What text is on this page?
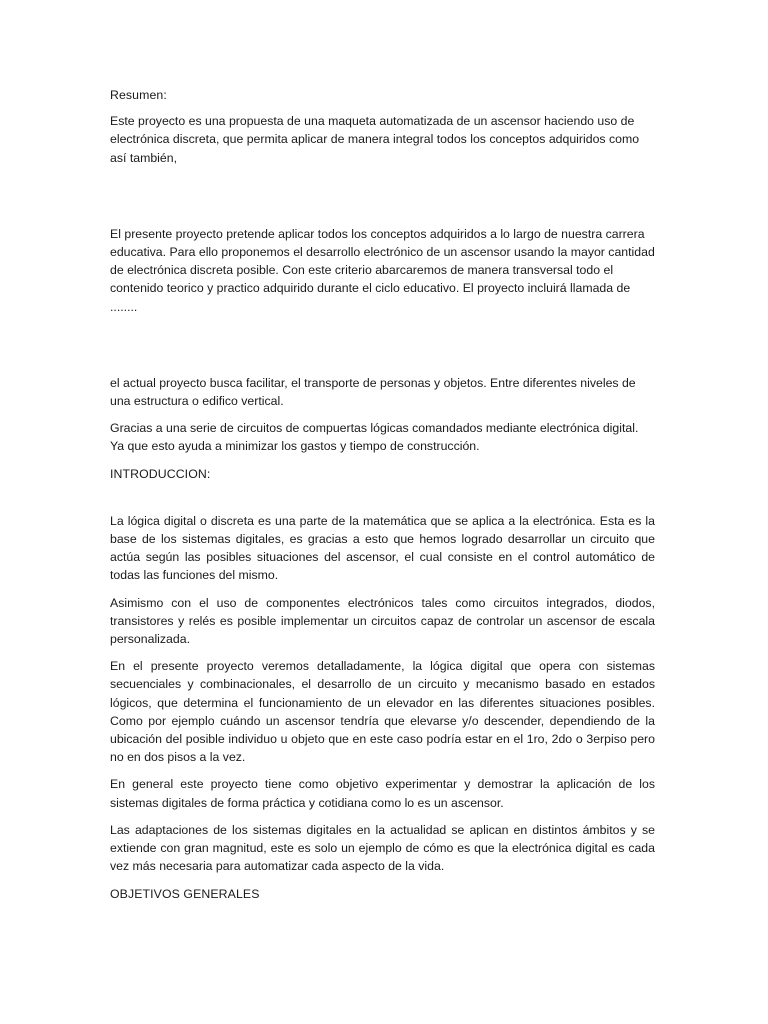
Resumen:

Este proyecto es una propuesta de una maqueta automatizada de un ascensor haciendo uso de electrónica discreta, que permita aplicar de manera integral todos los conceptos adquiridos como así también,

El presente proyecto pretende aplicar todos los conceptos adquiridos a lo largo de nuestra carrera educativa. Para ello proponemos el desarrollo electrónico de un ascensor usando la mayor cantidad de electrónica discreta posible. Con este criterio abarcaremos de manera transversal todo el contenido teorico y practico adquirido durante el ciclo educativo. El proyecto incluirá llamada de ........

el actual proyecto busca facilitar, el transporte de personas y objetos. Entre diferentes niveles de una estructura o edifico vertical.

Gracias a una serie de circuitos de compuertas lógicas comandados mediante electrónica digital. Ya que esto ayuda a minimizar los gastos y tiempo de construcción.

INTRODUCCION:

La lógica digital o discreta es una parte de la matemática que se aplica a la electrónica. Esta es la base de los sistemas digitales, es gracias a esto que hemos logrado desarrollar un circuito que actúa según las posibles situaciones del ascensor, el cual consiste en el control automático de todas las funciones del mismo.

Asimismo con el uso de componentes electrónicos tales como circuitos integrados, diodos, transistores y relés es posible implementar un circuitos capaz de controlar un ascensor de escala personalizada.

En el presente proyecto veremos detalladamente, la lógica digital que opera con sistemas secuenciales y combinacionales, el desarrollo de un circuito y mecanismo basado en estados lógicos, que determina el funcionamiento de un elevador en las diferentes situaciones posibles. Como por ejemplo cuándo un ascensor tendría que elevarse y/o descender, dependiendo de la ubicación del posible individuo u objeto que en este caso podría estar en el 1ro, 2do o 3erpiso pero no en dos pisos a la vez.

En general este proyecto tiene como objetivo experimentar y demostrar la aplicación de los sistemas digitales de forma práctica y cotidiana como lo es un ascensor.

Las adaptaciones de los sistemas digitales en la actualidad se aplican en distintos ámbitos y se extiende con gran magnitud, este es solo un ejemplo de cómo es que la electrónica digital es cada vez más necesaria para automatizar cada aspecto de la vida.

OBJETIVOS GENERALES
